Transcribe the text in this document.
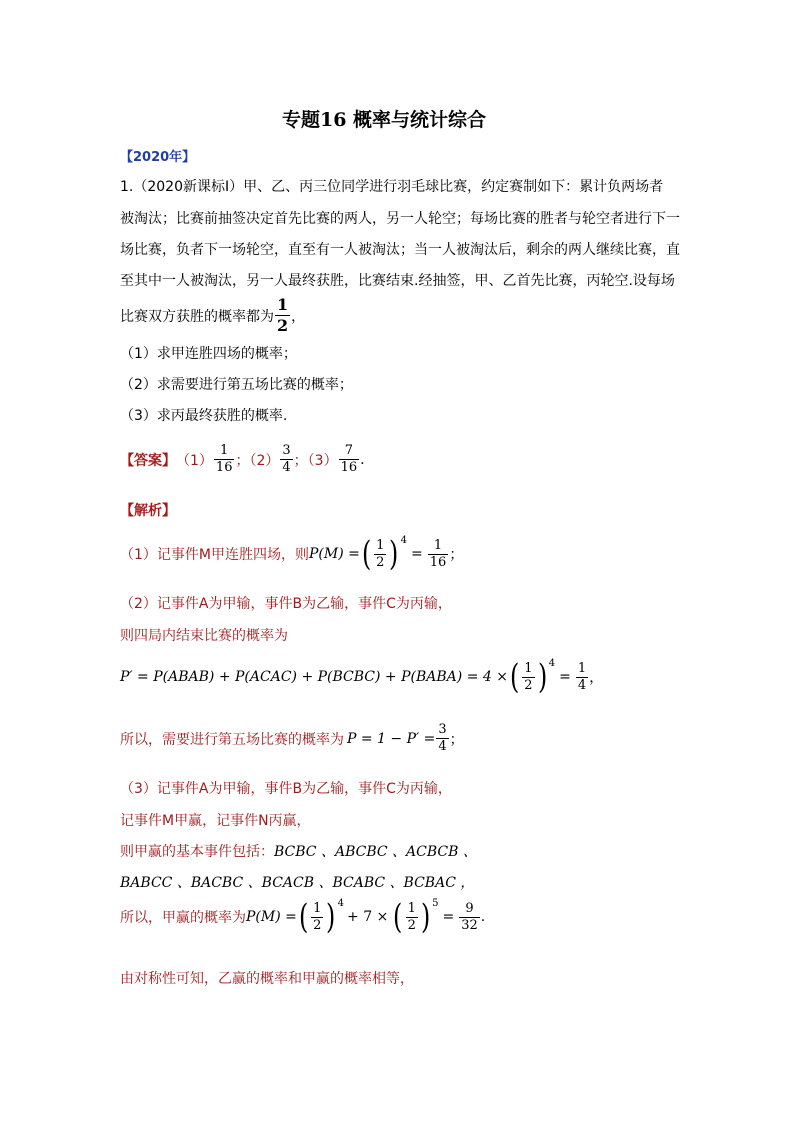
专题16 概率与统计综合
【2020年】
1.（2020新课标Ⅰ）甲、乙、丙三位同学进行羽毛球比赛，约定赛制如下：累计负两场者
被淘汰；比赛前抽签决定首先比赛的两人，另一人轮空；每场比赛的胜者与轮空者进行下一
场比赛，负者下一场轮空，直至有一人被淘汰；当一人被淘汰后，剩余的两人继续比赛，直
至其中一人被淘汰，另一人最终获胜，比赛结束.经抽签，甲、乙首先比赛，丙轮空.设每场
比赛双方获胜的概率都为 $\frac{1}{2}$ ，
（1）求甲连胜四场的概率；
（2）求需要进行第五场比赛的概率；
（3）求丙最终获胜的概率.
【答案】 $(1) \frac{1}{16}$ ；$(2) \frac{3}{4}$ ；$(3) \frac{7}{16}$ .
【解析】
（1）记事件M甲连胜四场，则 P(M) = ( $\frac{1}{2}$ ) 4
= $\frac{1}{16}$ ；
（2）记事件A为甲输，事件B为乙输，事件C为丙输，
则四局内结束比赛的概率为
P′ = P(ABAB) + P(ACAC) + P(BCBC) + P(BABA) = 4 × ( $\frac{1}{2}$ ) 4
= $\frac{1}{4}$ ，
所以，需要进行第五场比赛的概率为 $P = 1 - P' = \frac{3}{4}$ ；
（3）记事件A为甲输，事件B为乙输，事件C为丙输，
记事件M甲赢，记事件N丙赢，
则甲赢的基本事件包括：BCBC 、ABCBC 、ACBCB 、
BABCC 、BACBC 、BCACB 、BCABC 、BCBAC ，
所以，甲赢的概率为 P(M) = ( $\frac{1}{2}$ ) 4
+ 7 × ( $\frac{1}{2}$ ) 5
= $\frac{9}{32}$ .
由对称性可知，乙赢的概率和甲赢的概率相等，
